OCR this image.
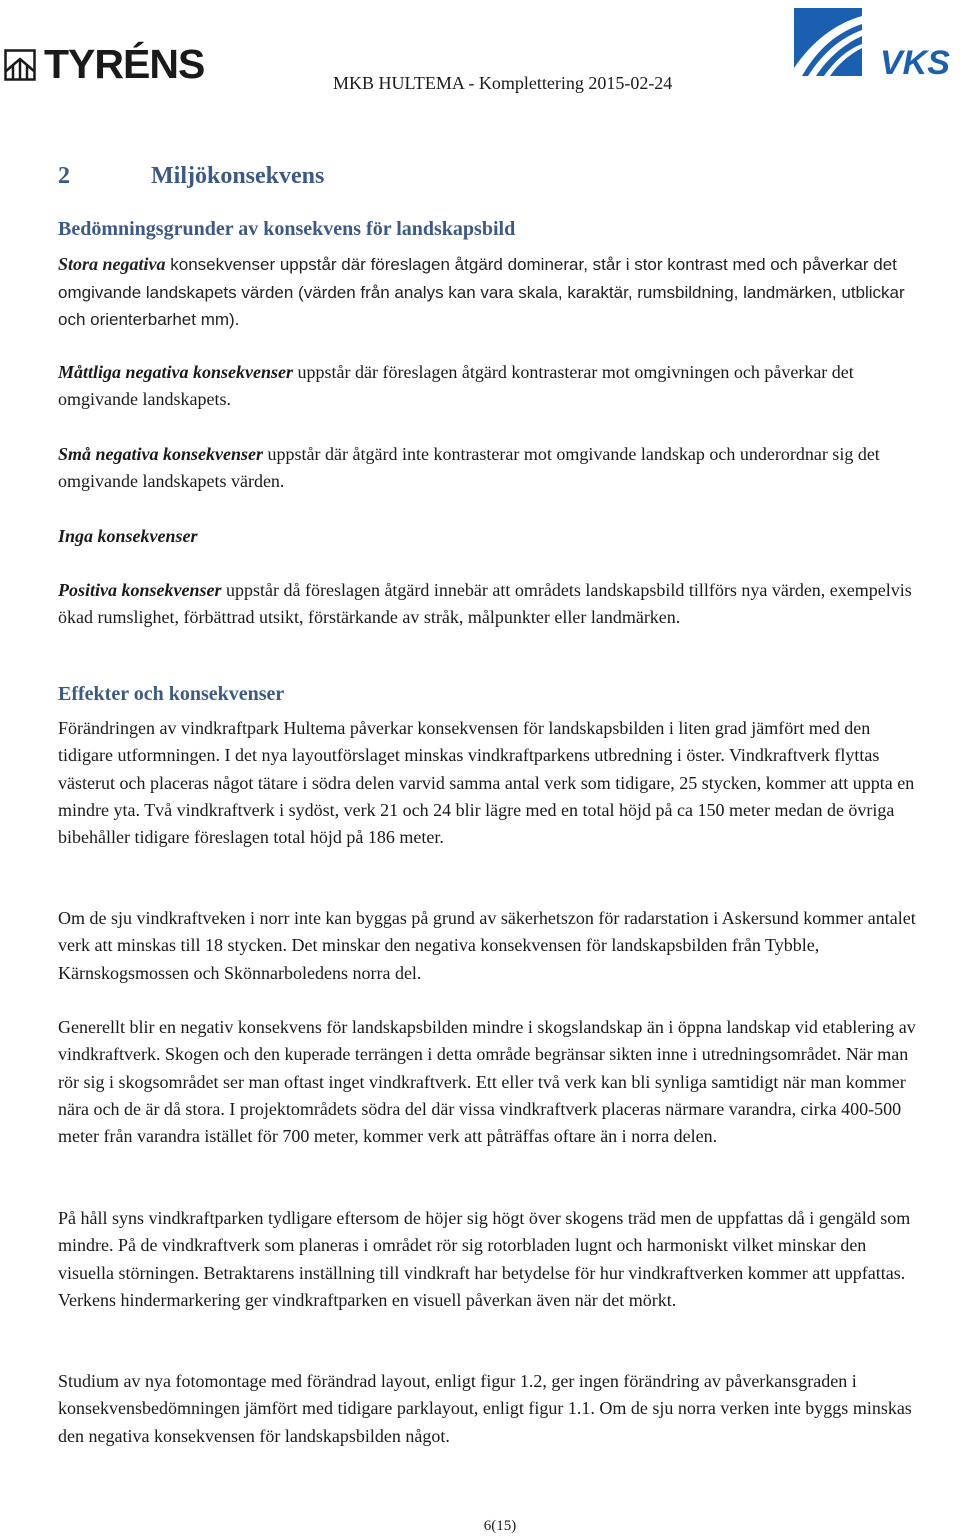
TYRÉNS	VKS
MKB HULTEMA - Komplettering 2015-02-24
2	Miljökonsekvens
Bedömningsgrunder av konsekvens för landskapsbild

Stora negativa konsekvenser uppstår där föreslagen åtgärd dominerar, står i stor kontrast med och påverkar det omgivande landskapets värden (värden från analys kan vara skala, karaktär, rumsbildning, landmärken, utblickar och orienterbarhet mm).

Måttliga negativa konsekvenser uppstår där föreslagen åtgärd kontrasterar mot omgivningen och påverkar det omgivande landskapets.

Små negativa konsekvenser uppstår där åtgärd inte kontrasterar mot omgivande landskap och underordnar sig det omgivande landskapets värden.

Inga konsekvenser

Positiva konsekvenser uppstår då föreslagen åtgärd innebär att områdets landskapsbild tillförs nya värden, exempelvis ökad rumslighet, förbättrad utsikt, förstärkande av stråk, målpunkter eller landmärken.

Effekter och konsekvenser

Förändringen av vindkraftpark Hultema påverkar konsekvensen för landskapsbilden i liten grad jämfört med den tidigare utformningen. I det nya layoutförslaget minskas vindkraftparkens utbredning i öster. Vindkraftverk flyttas västerut och placeras något tätare i södra delen varvid samma antal verk som tidigare, 25 stycken, kommer att uppta en mindre yta. Två vindkraftverk i sydöst, verk 21 och 24 blir lägre med en total höjd på ca 150 meter medan de övriga bibehåller tidigare föreslagen total höjd på 186 meter.

Om de sju vindkraftveken i norr inte kan byggas på grund av säkerhetszon för radarstation i Askersund kommer antalet verk att minskas till 18 stycken. Det minskar den negativa konsekvensen för landskapsbilden från Tybble, Kärnskogsmossen och Skönnarboledens norra del.

Generellt blir en negativ konsekvens för landskapsbilden mindre i skogslandskap än i öppna landskap vid etablering av vindkraftverk. Skogen och den kuperade terrängen i detta område begränsar sikten inne i utredningsområdet. När man rör sig i skogsområdet ser man oftast inget vindkraftverk. Ett eller två verk kan bli synliga samtidigt när man kommer nära och de är då stora. I projektområdets södra del där vissa vindkraftverk placeras närmare varandra, cirka 400-500 meter från varandra istället för 700 meter, kommer verk att påträffas oftare än i norra delen.

På håll syns vindkraftparken tydligare eftersom de höjer sig högt över skogens träd men de uppfattas då i gengäld som mindre. På de vindkraftverk som planeras i området rör sig rotorbladen lugnt och harmoniskt vilket minskar den visuella störningen. Betraktarens inställning till vindkraft har betydelse för hur vindkraftverken kommer att uppfattas. Verkens hindermarkering ger vindkraftparken en visuell påverkan även när det mörkt.

Studium av nya fotomontage med förändrad layout, enligt figur 1.2, ger ingen förändring av påverkansgraden i konsekvensbedömningen jämfört med tidigare parklayout, enligt figur 1.1. Om de sju norra verken inte byggs minskas den negativa konsekvensen för landskapsbilden något.

6(15)
